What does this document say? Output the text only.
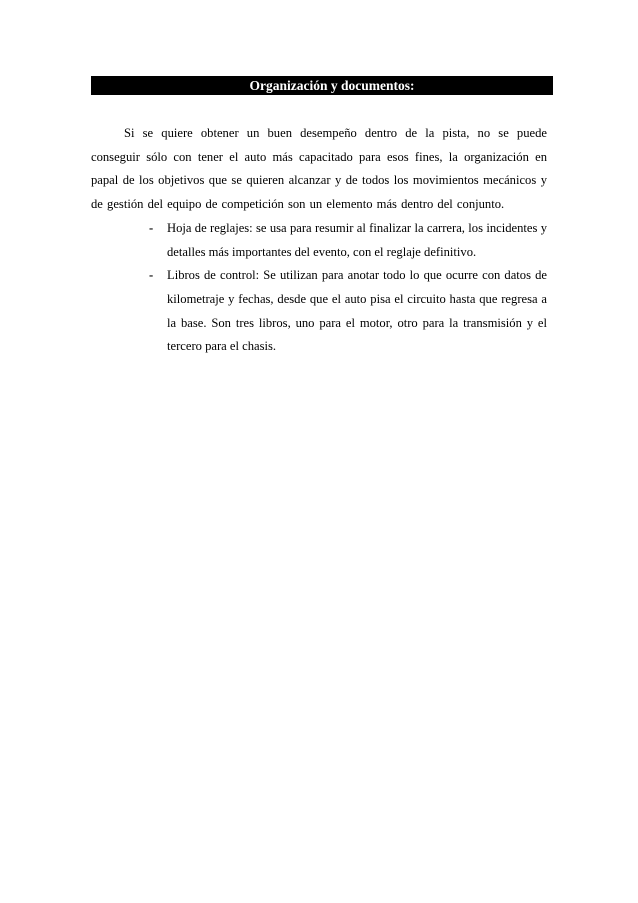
Organización y documentos:

Si se quiere obtener un buen desempeño dentro de la pista, no se puede conseguir sólo con tener el auto más capacitado para esos fines, la organización en papal de los objetivos que se quieren alcanzar y de todos los movimientos mecánicos y de gestión del equipo de competición son un elemento más dentro del conjunto.

- Hoja de reglajes: se usa para resumir al finalizar la carrera, los incidentes y detalles más importantes del evento, con el reglaje definitivo.
- Libros de control: Se utilizan para anotar todo lo que ocurre con datos de kilometraje y fechas, desde que el auto pisa el circuito hasta que regresa a la base. Son tres libros, uno para el motor, otro para la transmisión y el tercero para el chasis.
